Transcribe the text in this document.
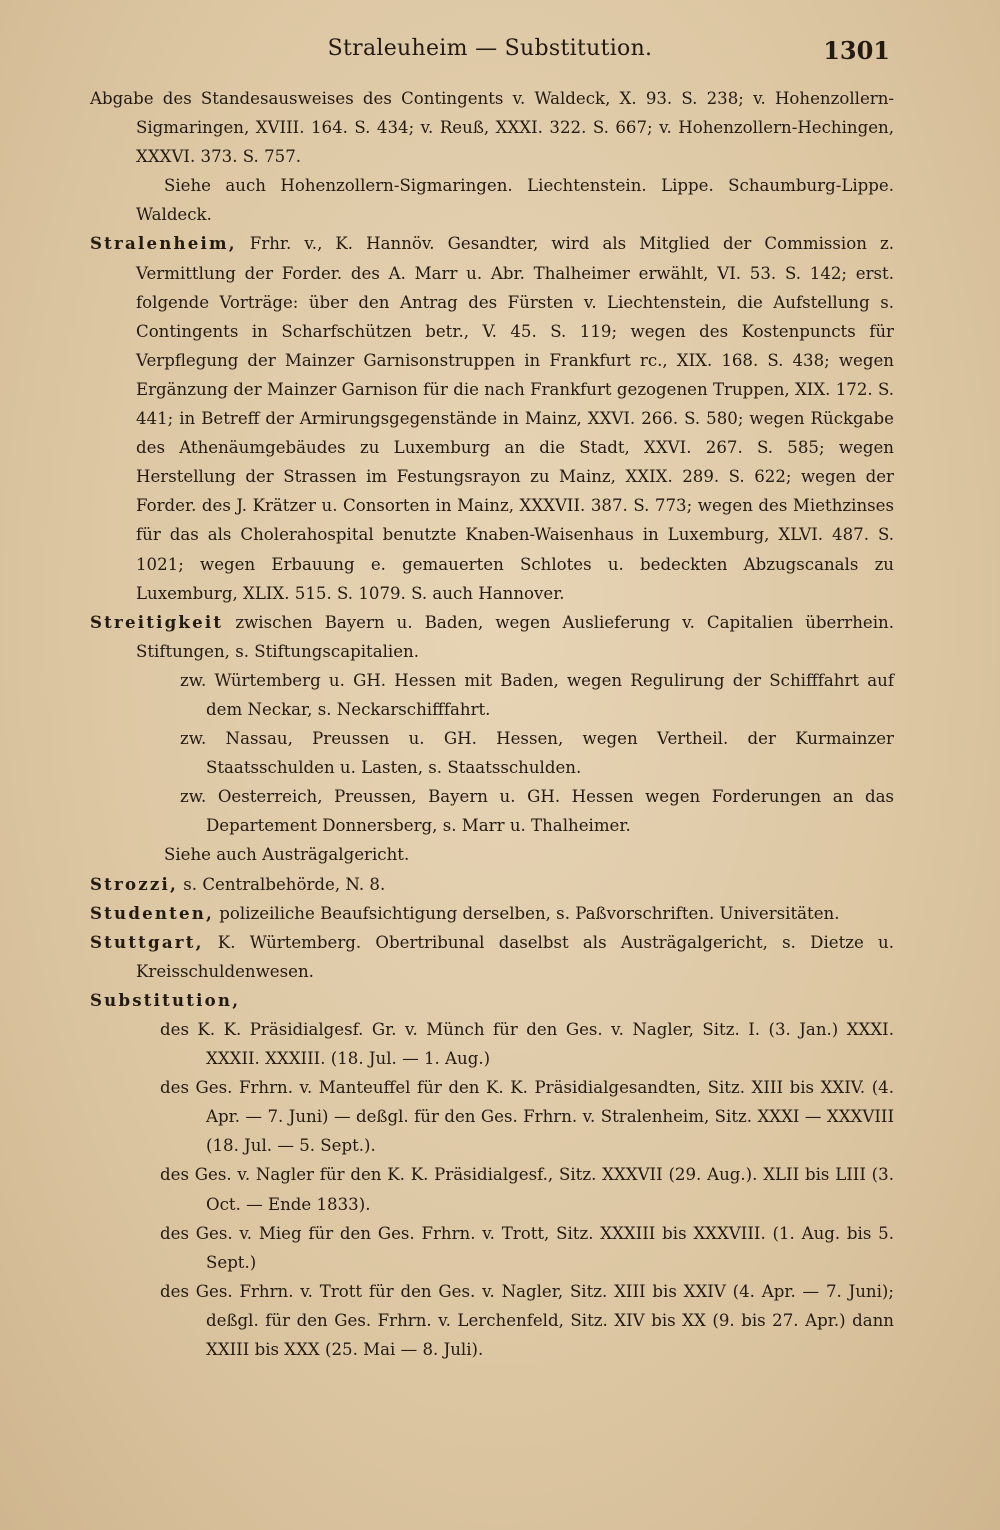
Straleuheim — Substitution.	1301

Abgabe des Standesausweises des Contingents v. Waldeck, X. 93. S. 238; v. Hohenzollern-Sigmaringen, XVIII. 164. S. 434; v. Reuß, XXXI. 322. S. 667; v. Hohenzollern-Hechingen, XXXVI. 373. S. 757.

Siehe auch Hohenzollern-Sigmaringen. Liechtenstein. Lippe. Schaumburg-Lippe. Waldeck.

Stralenheim, Frhr. v., K. Hannöv. Gesandter, wird als Mitglied der Commission z. Vermittlung der Forder. des A. Marr u. Abr. Thalheimer erwählt, VI. 53. S. 142; erst. folgende Vorträge: über den Antrag des Fürsten v. Liechtenstein, die Aufstellung s. Contingents in Scharfschützen betr., V. 45. S. 119; wegen des Kostenpuncts für Verpflegung der Mainzer Garnisonstruppen in Frankfurt rc., XIX. 168. S. 438; wegen Ergänzung der Mainzer Garnison für die nach Frankfurt gezogenen Truppen, XIX. 172. S. 441; in Betreff der Armirungsgegenstände in Mainz, XXVI. 266. S. 580; wegen Rückgabe des Athenäumgebäudes zu Luxemburg an die Stadt, XXVI. 267. S. 585; wegen Herstellung der Strassen im Festungsrayon zu Mainz, XXIX. 289. S. 622; wegen der Forder. des J. Krätzer u. Consorten in Mainz, XXXVII. 387. S. 773; wegen des Miethzinses für das als Cholerahospital benutzte Knaben-Waisenhaus in Luxemburg, XLVI. 487. S. 1021; wegen Erbauung e. gemauerten Schlotes u. bedeckten Abzugscanals zu Luxemburg, XLIX. 515. S. 1079. S. auch Hannover.

Streitigkeit zwischen Bayern u. Baden, wegen Auslieferung v. Capitalien überrhein. Stiftungen, s. Stiftungscapitalien.

zw. Würtemberg u. GH. Hessen mit Baden, wegen Regulirung der Schifffahrt auf dem Neckar, s. Neckarschifffahrt.

zw. Nassau, Preussen u. GH. Hessen, wegen Vertheil. der Kurmainzer Staatsschulden u. Lasten, s. Staatsschulden.

zw. Oesterreich, Preussen, Bayern u. GH. Hessen wegen Forderungen an das Departement Donnersberg, s. Marr u. Thalheimer.

Siehe auch Austrägalgericht.

Strozzi, s. Centralbehörde, N. 8.

Studenten, polizeiliche Beaufsichtigung derselben, s. Paßvorschriften. Universitäten.

Stuttgart, K. Würtemberg. Obertribunal daselbst als Austrägalgericht, s. Dietze u. Kreisschuldenwesen.

Substitution,

des K. K. Präsidialgesf. Gr. v. Münch für den Ges. v. Nagler, Sitz. I. (3. Jan.) XXXI. XXXII. XXXIII. (18. Jul. — 1. Aug.)

des Ges. Frhrn. v. Manteuffel für den K. K. Präsidialgesandten, Sitz. XIII bis XXIV. (4. Apr. — 7. Juni) — deßgl. für den Ges. Frhrn. v. Stralenheim, Sitz. XXXI — XXXVIII (18. Jul. — 5. Sept.).

des Ges. v. Nagler für den K. K. Präsidialgesf., Sitz. XXXVII (29. Aug.). XLII bis LIII (3. Oct. — Ende 1833).

des Ges. v. Mieg für den Ges. Frhrn. v. Trott, Sitz. XXXIII bis XXXVIII. (1. Aug. bis 5. Sept.)

des Ges. Frhrn. v. Trott für den Ges. v. Nagler, Sitz. XIII bis XXIV (4. Apr. — 7. Juni); deßgl. für den Ges. Frhrn. v. Lerchenfeld, Sitz. XIV bis XX (9. bis 27. Apr.) dann XXIII bis XXX (25. Mai — 8. Juli).
